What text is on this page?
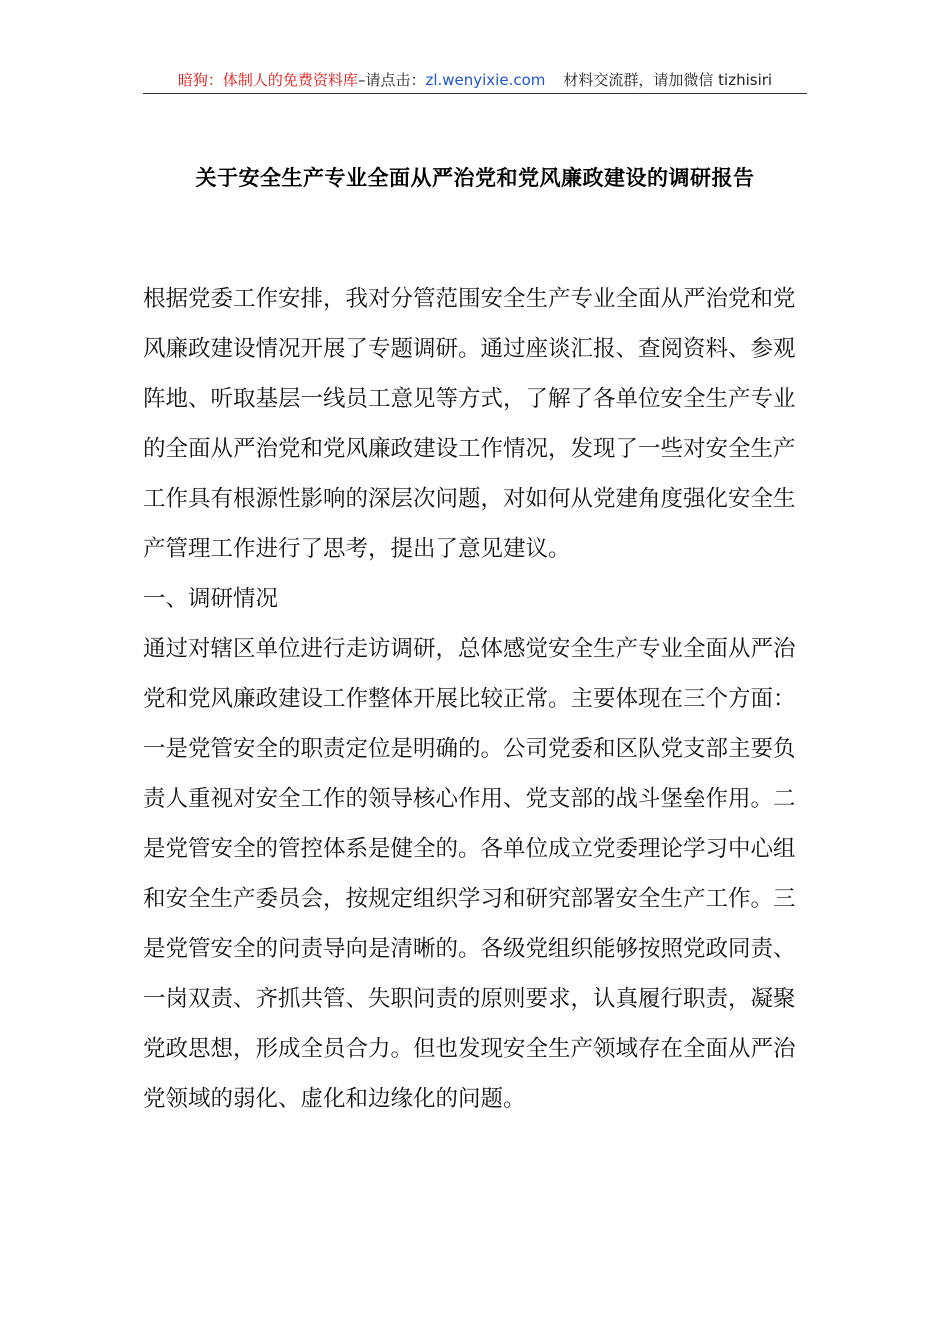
暗狗：体制人的免费资料库–请点击：zl.wenyixie.com 材料交流群，请加微信 tizhisiri
关于安全生产专业全面从严治党和党风廉政建设的调研报告

根据党委工作安排，我对分管范围安全生产专业全面从严治党和党风廉政建设情况开展了专题调研。通过座谈汇报、查阅资料、参观阵地、听取基层一线员工意见等方式，了解了各单位安全生产专业的全面从严治党和党风廉政建设工作情况，发现了一些对安全生产工作具有根源性影响的深层次问题，对如何从党建角度强化安全生产管理工作进行了思考，提出了意见建议。

一、调研情况

通过对辖区单位进行走访调研，总体感觉安全生产专业全面从严治党和党风廉政建设工作整体开展比较正常。主要体现在三个方面：一是党管安全的职责定位是明确的。公司党委和区队党支部主要负责人重视对安全工作的领导核心作用、党支部的战斗堡垒作用。二是党管安全的管控体系是健全的。各单位成立党委理论学习中心组和安全生产委员会，按规定组织学习和研究部署安全生产工作。三是党管安全的问责导向是清晰的。各级党组织能够按照党政同责、一岗双责、齐抓共管、失职问责的原则要求，认真履行职责，凝聚党政思想，形成全员合力。但也发现安全生产领域存在全面从严治党领域的弱化、虚化和边缘化的问题。
